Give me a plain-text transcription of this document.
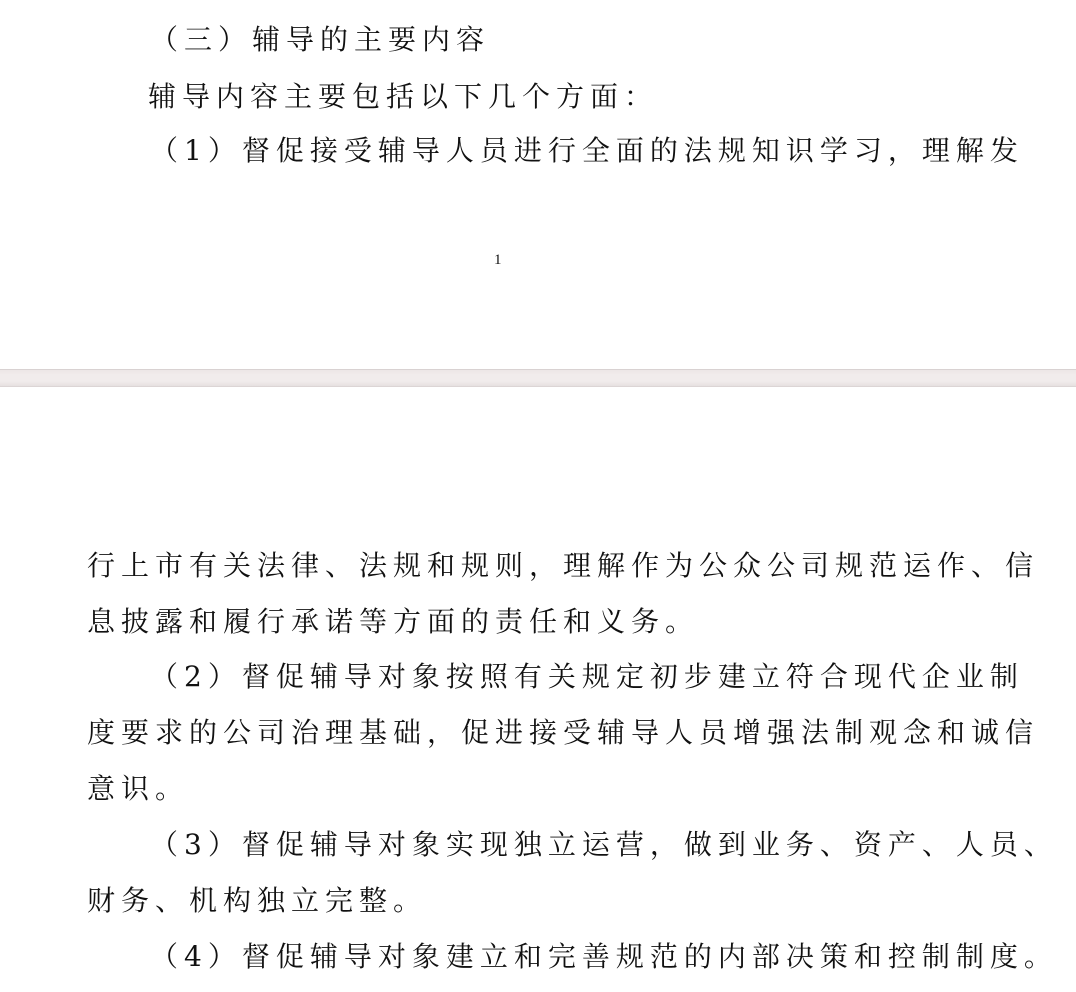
（三）辅导的主要内容
辅导内容主要包括以下几个方面：
（1）督促接受辅导人员进行全面的法规知识学习，理解发
1
行上市有关法律、法规和规则，理解作为公众公司规范运作、信
息披露和履行承诺等方面的责任和义务。
（2）督促辅导对象按照有关规定初步建立符合现代企业制
度要求的公司治理基础，促进接受辅导人员增强法制观念和诚信
意识。
（3）督促辅导对象实现独立运营，做到业务、资产、人员、
财务、机构独立完整。
（4）督促辅导对象建立和完善规范的内部决策和控制制度。
